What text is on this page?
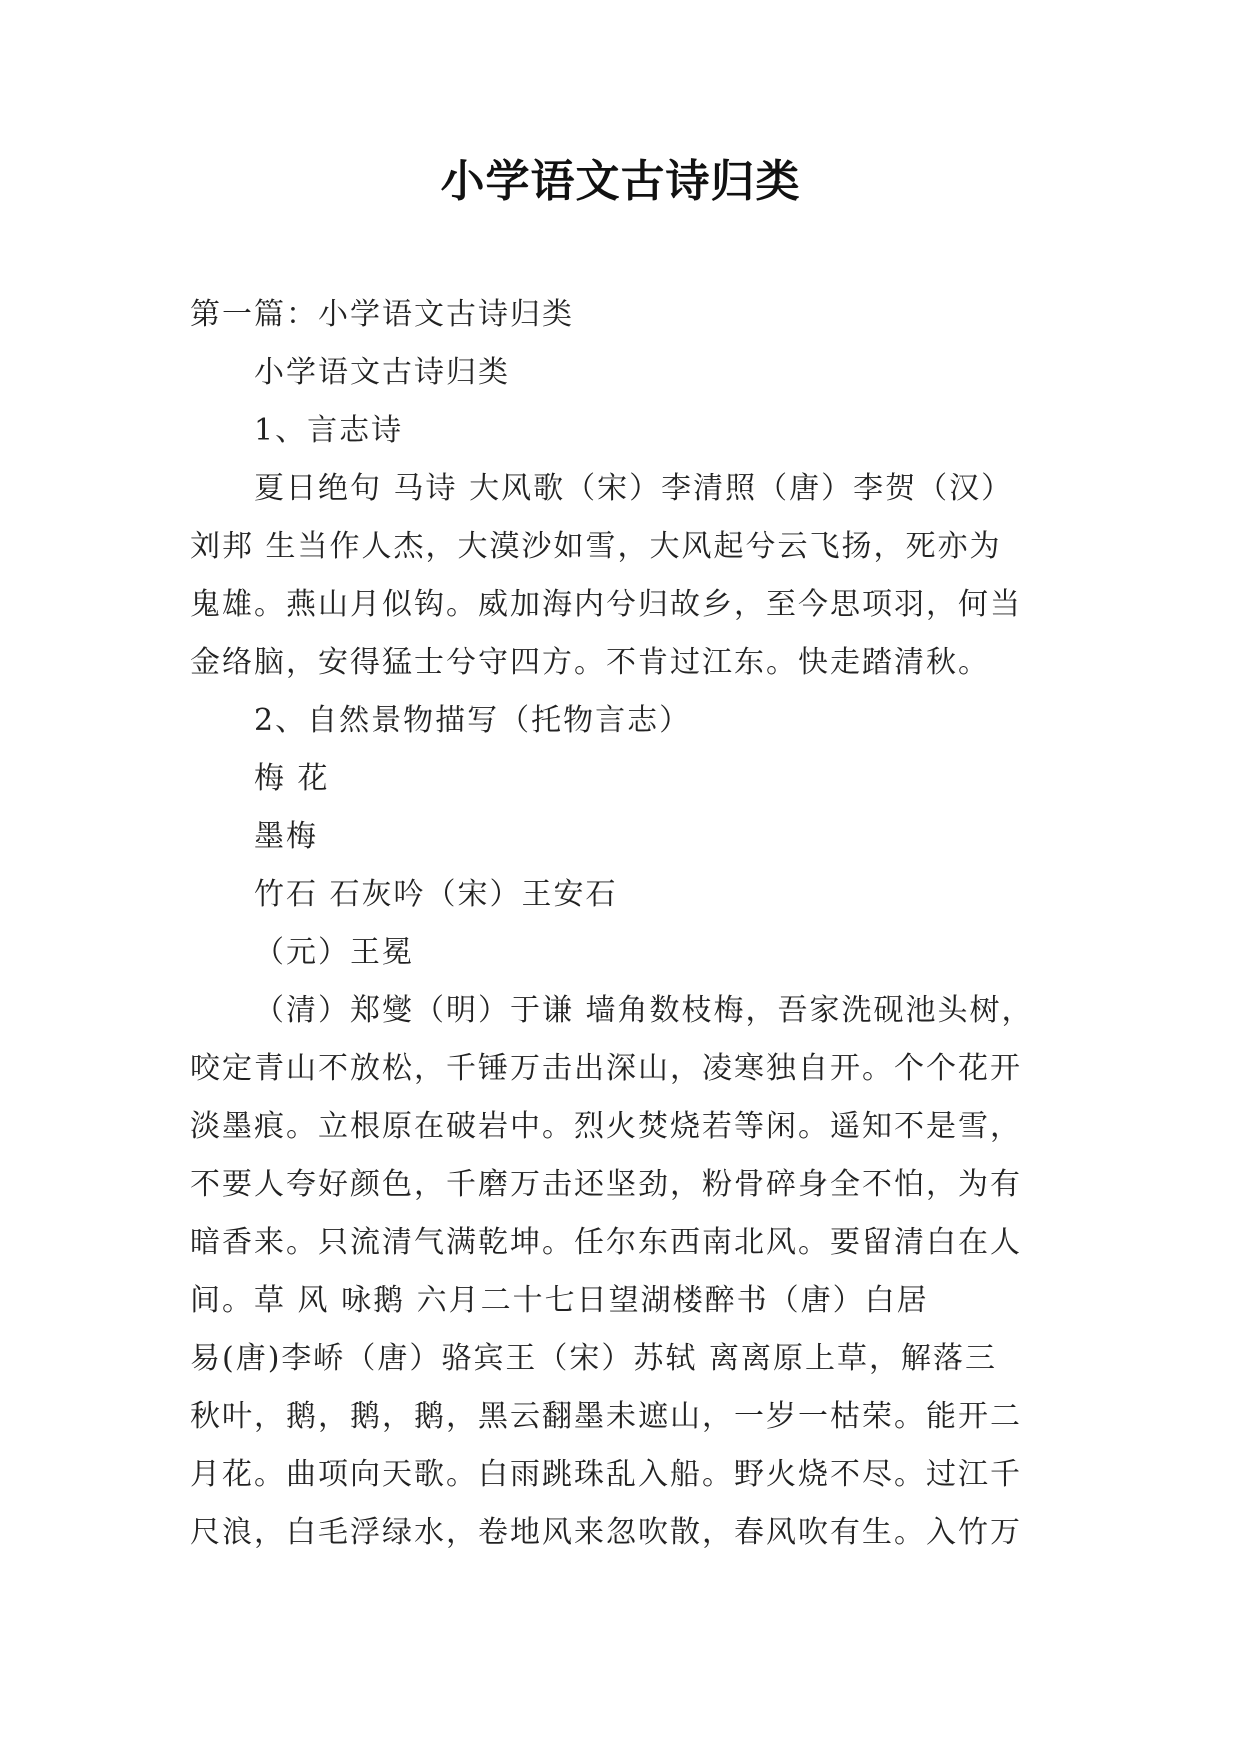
小学语文古诗归类
第一篇：小学语文古诗归类
小学语文古诗归类
1、言志诗
夏日绝句 马诗 大风歌（宋）李清照（唐）李贺（汉）
刘邦 生当作人杰，大漠沙如雪，大风起兮云飞扬，死亦为
鬼雄。燕山月似钩。威加海内兮归故乡，至今思项羽，何当
金络脑，安得猛士兮守四方。不肯过江东。快走踏清秋。
2、自然景物描写（托物言志）
梅 花
墨梅
竹石 石灰吟（宋）王安石
（元）王冕
（清）郑燮（明）于谦 墙角数枝梅，吾家洗砚池头树，
咬定青山不放松，千锤万击出深山，凌寒独自开。个个花开
淡墨痕。立根原在破岩中。烈火焚烧若等闲。遥知不是雪，
不要人夸好颜色，千磨万击还坚劲，粉骨碎身全不怕，为有
暗香来。只流清气满乾坤。任尔东西南北风。要留清白在人
间。草 风 咏鹅 六月二十七日望湖楼醉书（唐）白居
易(唐)李峤（唐）骆宾王（宋）苏轼 离离原上草，解落三
秋叶，鹅，鹅，鹅，黑云翻墨未遮山，一岁一枯荣。能开二
月花。曲项向天歌。白雨跳珠乱入船。野火烧不尽。过江千
尺浪，白毛浮绿水，卷地风来忽吹散，春风吹有生。入竹万
